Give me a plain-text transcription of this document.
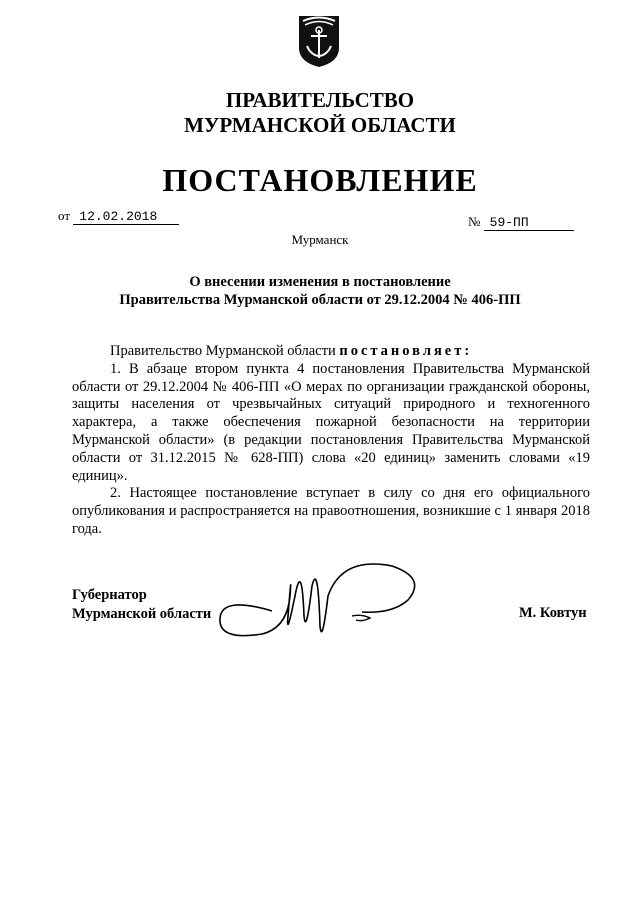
ПРАВИТЕЛЬСТВО
МУРМАНСКОЙ ОБЛАСТИ
ПОСТАНОВЛЕНИЕ
от 12.02.2018	№ 59-ПП
Мурманск
О внесении изменения в постановление
Правительства Мурманской области от 29.12.2004 № 406-ПП

Правительство Мурманской области постановляет:

1. В абзаце втором пункта 4 постановления Правительства Мурманской области от 29.12.2004 № 406-ПП «О мерах по организации гражданской обороны, защиты населения от чрезвычайных ситуаций природного и техногенного характера, а также обеспечения пожарной безопасности на территории Мурманской области» (в редакции постановления Правительства Мурманской области от 31.12.2015 № 628-ПП) слова «20 единиц» заменить словами «19 единиц».

2. Настоящее постановление вступает в силу со дня его официального опубликования и распространяется на правоотношения, возникшие с 1 января 2018 года.

Губернатор
Мурманской области	М. Ковтун
